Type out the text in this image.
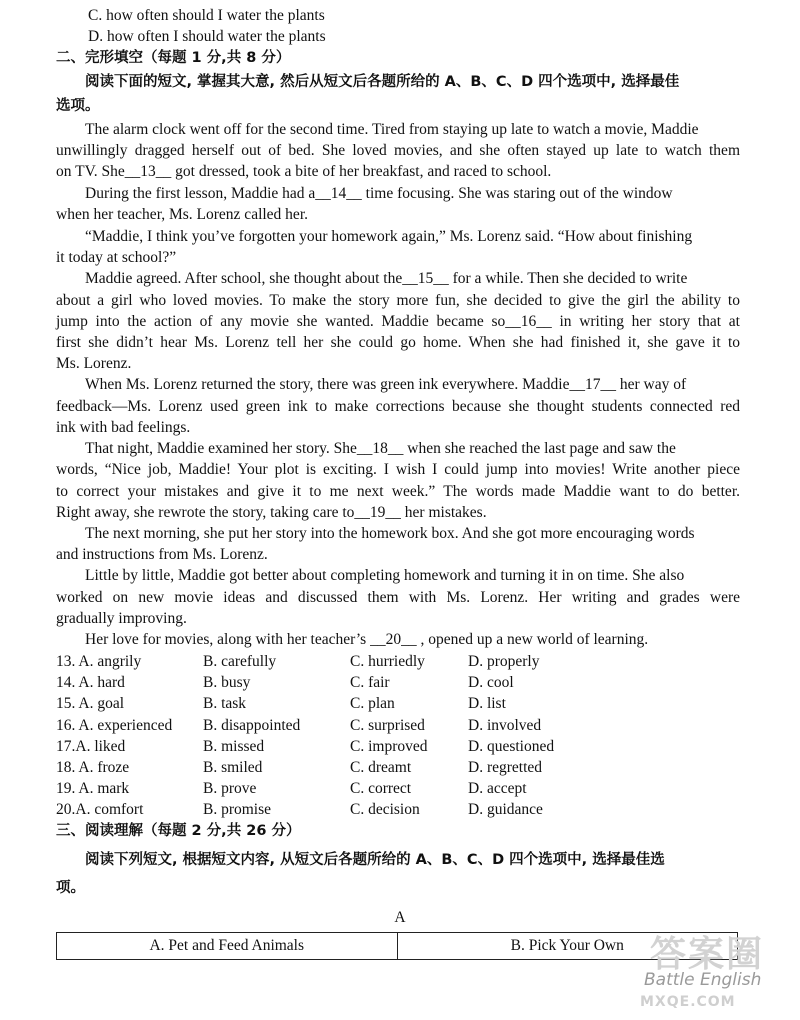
C. how often should I water the plants
D. how often I should water the plants
二、完形填空（每题 1 分,共 8 分）
阅读下面的短文, 掌握其大意, 然后从短文后各题所给的 A、B、C、D 四个选项中, 选择最佳
选项。
The alarm clock went off for the second time. Tired from staying up late to watch a movie, Maddie
unwillingly dragged herself out of bed. She loved movies, and she often stayed up late to watch them
on TV. She__13__ got dressed, took a bite of her breakfast, and raced to school.
During the first lesson, Maddie had a__14__ time focusing. She was staring out of the window
when her teacher, Ms. Lorenz called her.
“Maddie, I think you’ve forgotten your homework again,” Ms. Lorenz said. “How about finishing
it today at school?”
Maddie agreed. After school, she thought about the__15__ for a while. Then she decided to write
about a girl who loved movies. To make the story more fun, she decided to give the girl the ability to
jump into the action of any movie she wanted. Maddie became so__16__ in writing her story that at
first she didn’t hear Ms. Lorenz tell her she could go home. When she had finished it, she gave it to
Ms. Lorenz.
When Ms. Lorenz returned the story, there was green ink everywhere. Maddie__17__ her way of
feedback—Ms. Lorenz used green ink to make corrections because she thought students connected red
ink with bad feelings.
That night, Maddie examined her story. She__18__ when she reached the last page and saw the
words, “Nice job, Maddie! Your plot is exciting. I wish I could jump into movies! Write another piece
to correct your mistakes and give it to me next week.” The words made Maddie want to do better.
Right away, she rewrote the story, taking care to__19__ her mistakes.
The next morning, she put her story into the homework box. And she got more encouraging words
and instructions from Ms. Lorenz.
Little by little, Maddie got better about completing homework and turning it in on time. She also
worked on new movie ideas and discussed them with Ms. Lorenz. Her writing and grades were
gradually improving.
Her love for movies, along with her teacher’s __20__ , opened up a new world of learning.
13. A. angrily	B. carefully	C. hurriedly	D. properly
14. A. hard	B. busy	C. fair	D. cool
15. A. goal	B. task	C. plan	D. list
16. A. experienced B. disappointed	C. surprised	D. involved
17.A. liked	B. missed	C. improved	D. questioned
18. A. froze	B. smiled	C. dreamt	D. regretted
19. A. mark	B. prove	C. correct	D. accept
20.A. comfort	B. promise	C. decision	D. guidance
三、阅读理解（每题 2 分,共 26 分）
阅读下列短文, 根据短文内容, 从短文后各题所给的 A、B、C、D 四个选项中, 选择最佳选
项。
A
A. Pet and Feed Animals	B. Pick Your Own 答案圈
Battle English
MXQE.COM
